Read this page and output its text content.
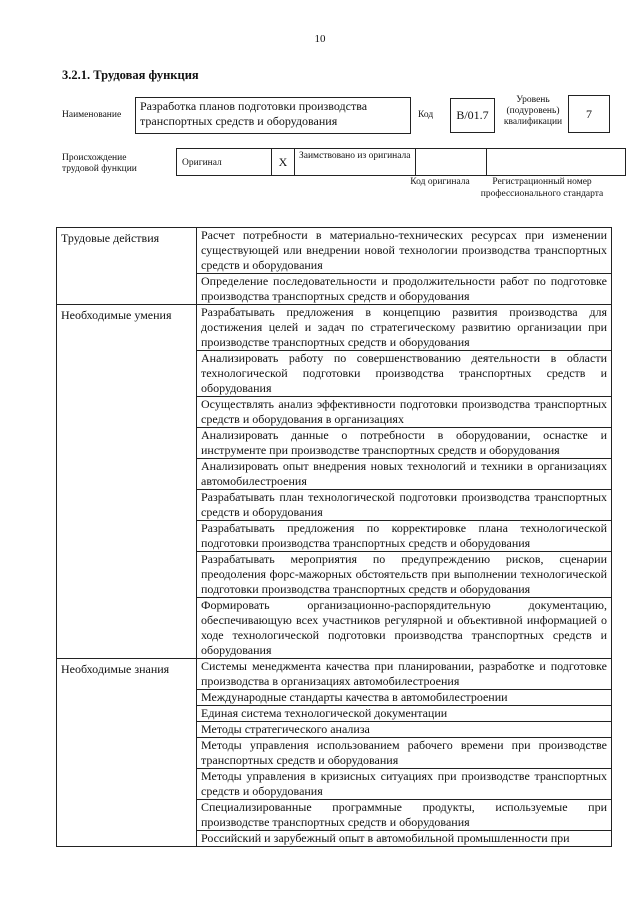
10
3.2.1. Трудовая функция
Наименование
Разработка планов подготовки производства транспортных средств и оборудования	Код	B/01.7
Уровень (подуровень) квалификации
7
Происхождение трудовой функции
Оригинал	X	Заимствовано из оригинала
Код оригинала	Регистрационный номер профессионального стандарта
Трудовые действия	Расчет потребности в материально-технических ресурсах при изменении существующей или внедрении новой технологии производства транспортных средств и оборудования
	Определение последовательности и продолжительности работ по подготовке производства транспортных средств и оборудования
Необходимые умения	Разрабатывать предложения в концепцию развития производства для достижения целей и задач по стратегическому развитию организации при производстве транспортных средств и оборудования
	Анализировать работу по совершенствованию деятельности в области технологической подготовки производства транспортных средств и оборудования
	Осуществлять анализ эффективности подготовки производства транспортных средств и оборудования в организациях
	Анализировать данные о потребности в оборудовании, оснастке и инструменте при производстве транспортных средств и оборудования
	Анализировать опыт внедрения новых технологий и техники в организациях автомобилестроения
	Разрабатывать план технологической подготовки производства транспортных средств и оборудования
	Разрабатывать предложения по корректировке плана технологической подготовки производства транспортных средств и оборудования
	Разрабатывать мероприятия по предупреждению рисков, сценарии преодоления форс-мажорных обстоятельств при выполнении технологической подготовки производства транспортных средств и оборудования
	Формировать организационно-распорядительную документацию, обеспечивающую всех участников регулярной и объективной информацией о ходе технологической подготовки производства транспортных средств и оборудования
Необходимые знания	Системы менеджмента качества при планировании, разработке и подготовке производства в организациях автомобилестроения
	Международные стандарты качества в автомобилестроении
	Единая система технологической документации
	Методы стратегического анализа
	Методы управления использованием рабочего времени при производстве транспортных средств и оборудования
	Методы управления в кризисных ситуациях при производстве транспортных средств и оборудования
	Специализированные программные продукты, используемые при производстве транспортных средств и оборудования
	Российский и зарубежный опыт в автомобильной промышленности при
